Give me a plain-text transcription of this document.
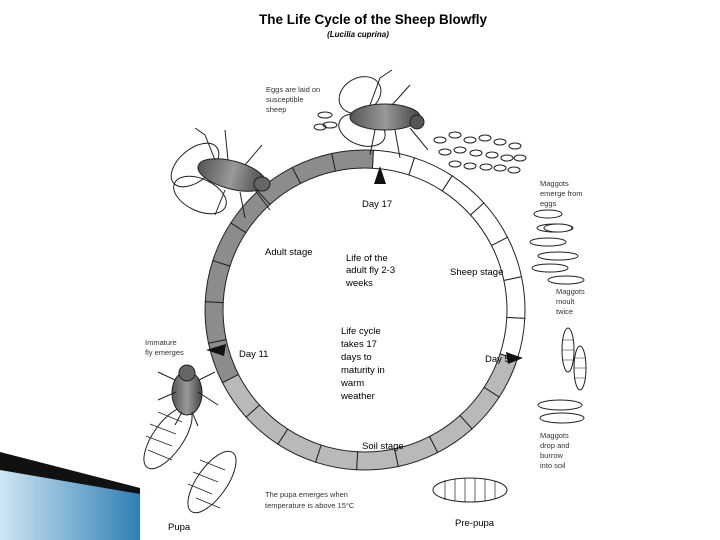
The Life Cycle of the Sheep Blowfly
(Lucilia cuprina)
Day 17
Day 11	Day 5
Adult stage
Sheep stage
Soil stage
Life of the
adult fly 2-3
weeks
Life cycle
takes 17
days to
maturity in
warm
weather
Eggs are laid on
susceptible
sheep
Maggots
emerge from
eggs
Maggots
moult
twice
Maggots
drop and
burrow
into soil
Immature
fly emerges
The pupa emerges when
temperature is above 15°C
Pupa	Pre-pupa
